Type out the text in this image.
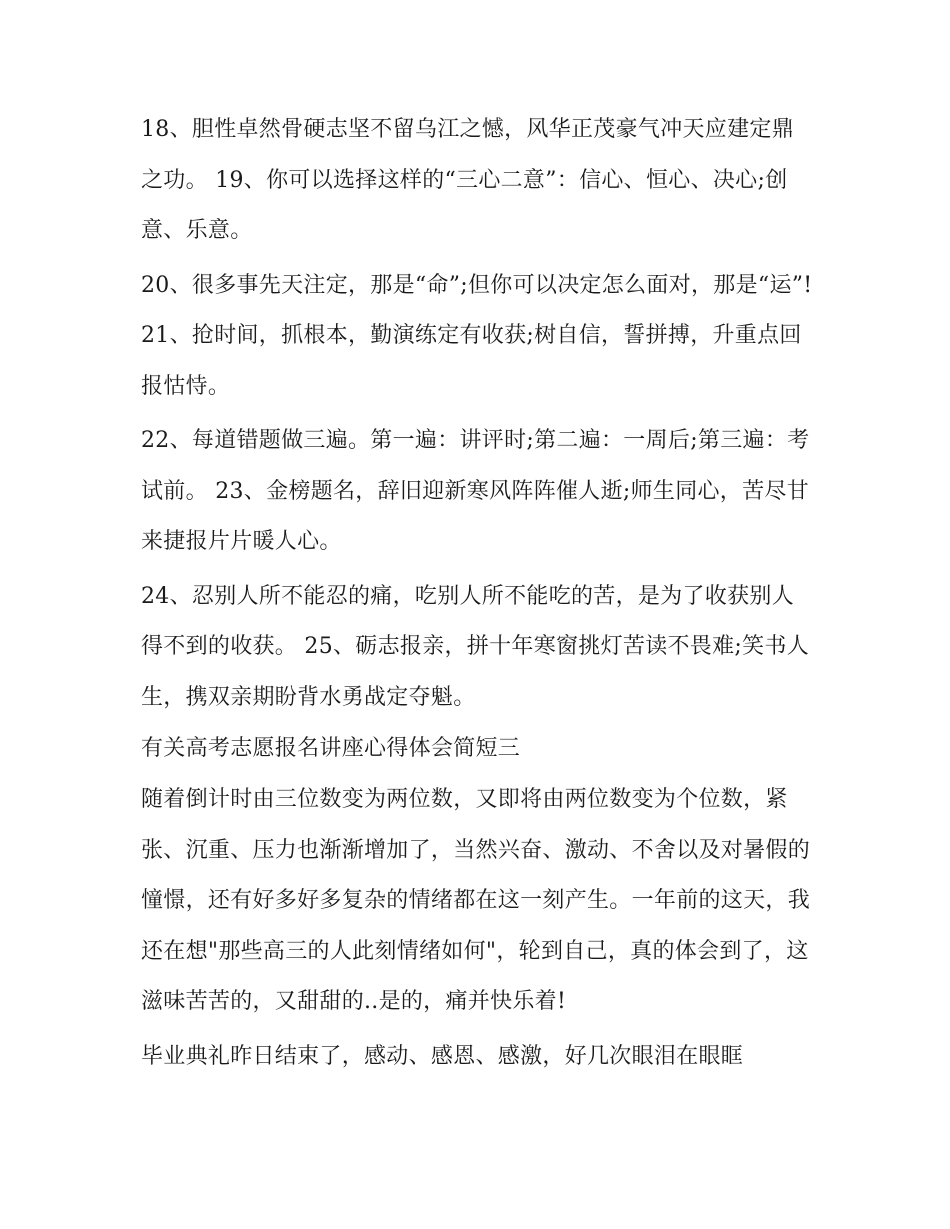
18、胆性卓然骨硬志坚不留乌江之憾，风华正茂豪气冲天应建定鼎之功。 19、你可以选择这样的“三心二意”：信心、恒心、决心;创意、乐意。

20、很多事先天注定，那是“命”;但你可以决定怎么面对，那是“运”! 21、抢时间，抓根本，勤演练定有收获;树自信，誓拼搏，升重点回报怙恃。

22、每道错题做三遍。第一遍：讲评时;第二遍：一周后;第三遍：考试前。 23、金榜题名，辞旧迎新寒风阵阵催人逝;师生同心，苦尽甘来捷报片片暖人心。

24、忍别人所不能忍的痛，吃别人所不能吃的苦，是为了收获别人得不到的收获。 25、砺志报亲，拼十年寒窗挑灯苦读不畏难;笑书人生，携双亲期盼背水勇战定夺魁。

有关高考志愿报名讲座心得体会简短三

随着倒计时由三位数变为两位数，又即将由两位数变为个位数，紧张、沉重、压力也渐渐增加了，当然兴奋、激动、不舍以及对暑假的憧憬，还有好多好多复杂的情绪都在这一刻产生。一年前的这天，我还在想"那些高三的人此刻情绪如何"，轮到自己，真的体会到了，这滋味苦苦的，又甜甜的..是的，痛并快乐着!

毕业典礼昨日结束了，感动、感恩、感激，好几次眼泪在眼眶
